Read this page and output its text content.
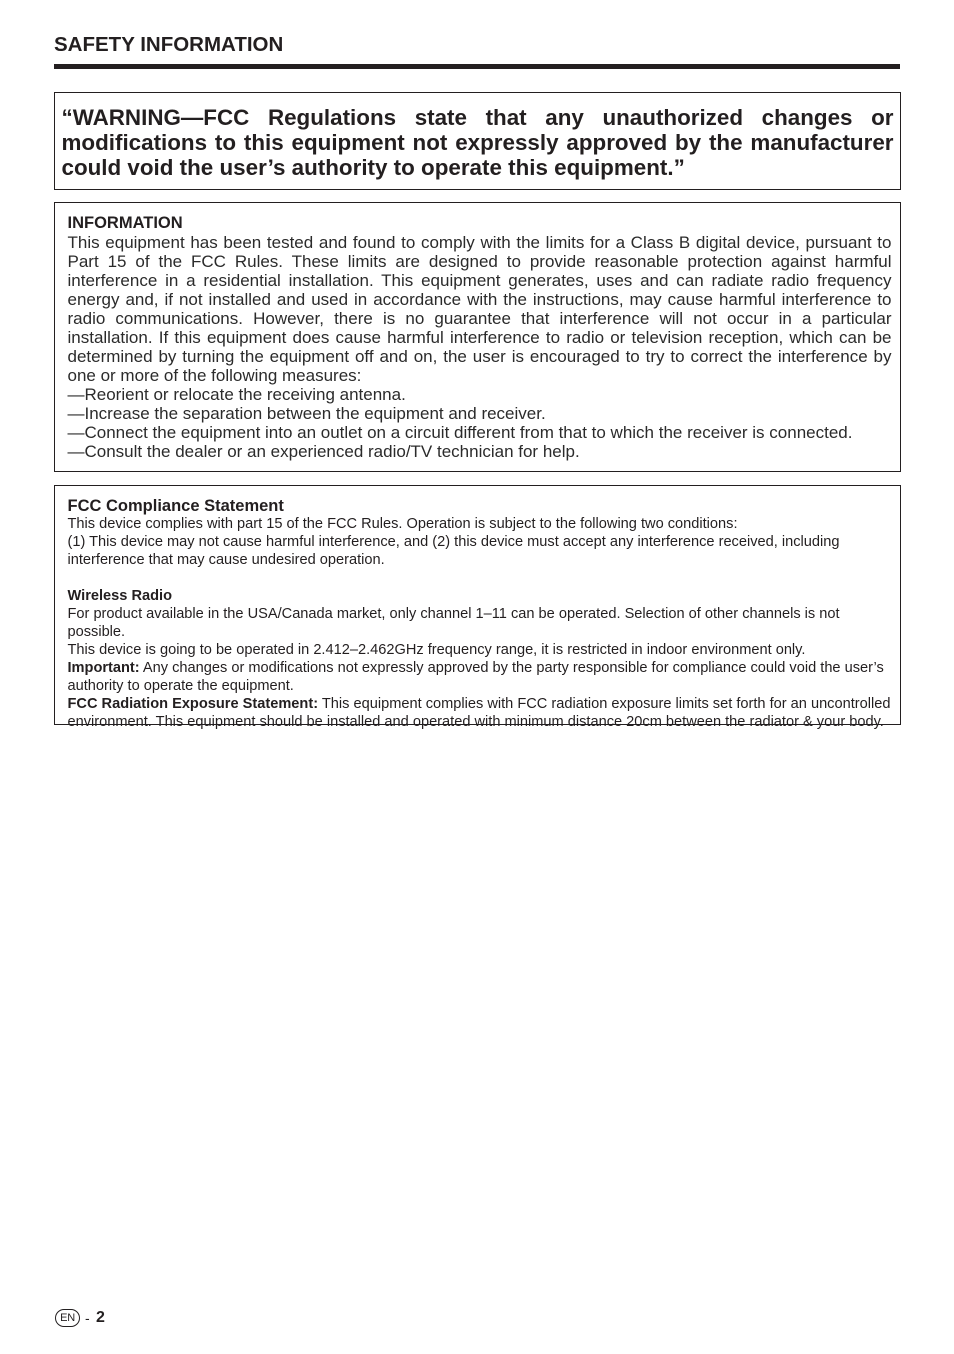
SAFETY INFORMATION

“WARNING—FCC Regulations state that any unauthorized changes or modifications to this equipment not expressly approved by the manufacturer could void the user’s authority to operate this equipment.”

INFORMATION

This equipment has been tested and found to comply with the limits for a Class B digital device, pursuant to Part 15 of the FCC Rules. These limits are designed to provide reasonable protection against harmful interference in a residential installation. This equipment generates, uses and can radiate radio frequency energy and, if not installed and used in accordance with the instructions, may cause harmful interference to radio communications. However, there is no guarantee that interference will not occur in a particular installation. If this equipment does cause harmful interference to radio or television reception, which can be determined by turning the equipment off and on, the user is encouraged to try to correct the interference by one or more of the following measures:

—Reorient or relocate the receiving antenna.
—Increase the separation between the equipment and receiver.
—Connect the equipment into an outlet on a circuit different from that to which the receiver is connected.
—Consult the dealer or an experienced radio/TV technician for help.
FCC Compliance Statement

This device complies with part 15 of the FCC Rules. Operation is subject to the following two conditions:

(1) This device may not cause harmful interference, and (2) this device must accept any interference received, including interference that may cause undesired operation.

Wireless Radio

For product available in the USA/Canada market, only channel 1–11 can be operated. Selection of other channels is not possible.

This device is going to be operated in 2.412–2.462GHz frequency range, it is restricted in indoor environment only.

Important: Any changes or modifications not expressly approved by the party responsible for compliance could void the user’s authority to operate the equipment.

FCC Radiation Exposure Statement: This equipment complies with FCC radiation exposure limits set forth for an uncontrolled environment. This equipment should be installed and operated with minimum distance 20cm between the radiator & your body.

EN - 2
